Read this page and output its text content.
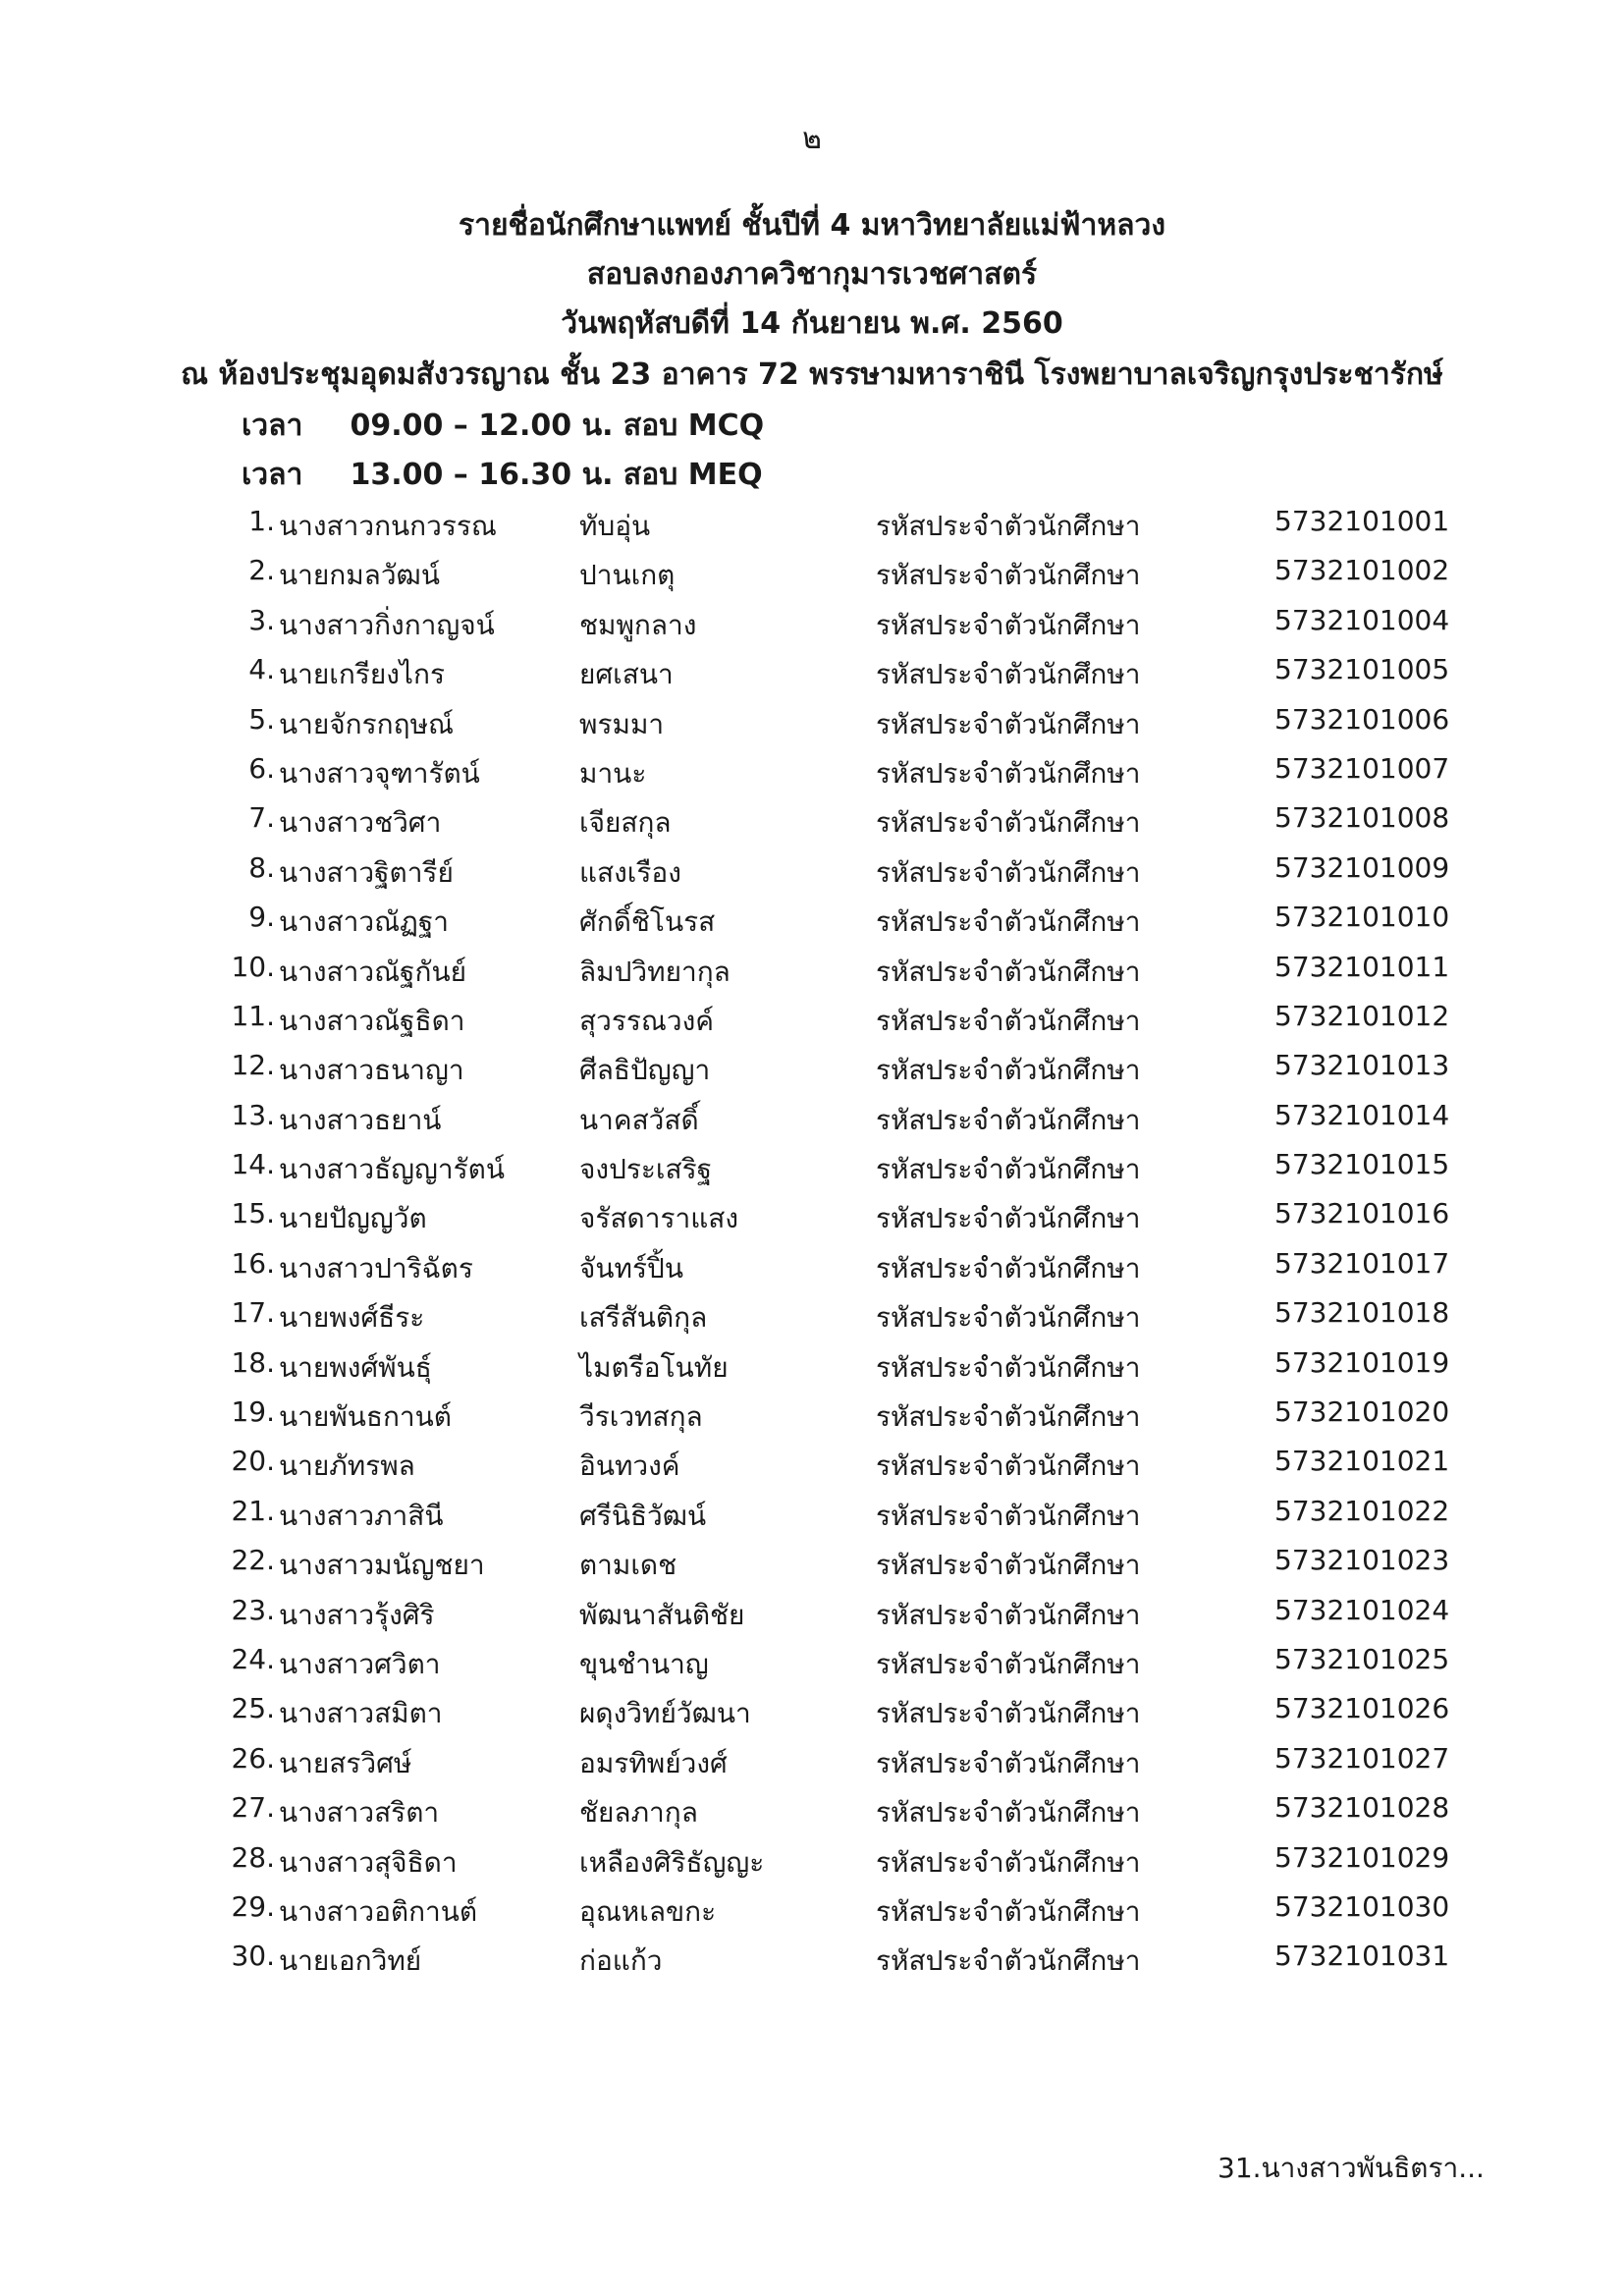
๒
รายชื่อนักศึกษาแพทย์ ชั้นปีที่ 4 มหาวิทยาลัยแม่ฟ้าหลวง
สอบลงกองภาควิชากุมารเวชศาสตร์
วันพฤหัสบดีที่ 14 กันยายน พ.ศ. 2560
ณ ห้องประชุมอุดมสังวรญาณ ชั้น 23 อาคาร 72 พรรษามหาราชินี โรงพยาบาลเจริญกรุงประชารักษ์
เวลา 09.00 – 12.00 น. สอบ MCQ
เวลา 13.00 – 16.30 น. สอบ MEQ
1. นางสาวกนกวรรณ	ทับอุ่น	รหัสประจำตัวนักศึกษา	5732101001
2. นายกมลวัฒน์	ปานเกตุ	รหัสประจำตัวนักศึกษา	5732101002
3. นางสาวกิ่งกาญจน์	ชมพูกลาง	รหัสประจำตัวนักศึกษา	5732101004
4. นายเกรียงไกร	ยศเสนา	รหัสประจำตัวนักศึกษา	5732101005
5. นายจักรกฤษณ์	พรมมา	รหัสประจำตัวนักศึกษา	5732101006
6. นางสาวจุฑารัตน์	มานะ	รหัสประจำตัวนักศึกษา	5732101007
7. นางสาวชวิศา	เจียสกุล	รหัสประจำตัวนักศึกษา	5732101008
8. นางสาวฐิตารีย์	แสงเรือง	รหัสประจำตัวนักศึกษา	5732101009
9. นางสาวณัฏฐา	ศักดิ์ชิโนรส	รหัสประจำตัวนักศึกษา	5732101010
10. นางสาวณัฐกันย์	ลิมปวิทยากุล	รหัสประจำตัวนักศึกษา	5732101011
11. นางสาวณัฐธิดา	สุวรรณวงค์	รหัสประจำตัวนักศึกษา	5732101012
12. นางสาวธนาญา	ศีลธิปัญญา	รหัสประจำตัวนักศึกษา	5732101013
13. นางสาวธยาน์	นาคสวัสดิ์	รหัสประจำตัวนักศึกษา	5732101014
14. นางสาวธัญญารัตน์	จงประเสริฐ	รหัสประจำตัวนักศึกษา	5732101015
15. นายปัญญวัต	จรัสดาราแสง	รหัสประจำตัวนักศึกษา	5732101016
16. นางสาวปาริฉัตร	จันทร์ปิ้น	รหัสประจำตัวนักศึกษา	5732101017
17. นายพงศ์ธีระ	เสรีสันติกุล	รหัสประจำตัวนักศึกษา	5732101018
18. นายพงศ์พันธุ์	ไมตรีอโนทัย	รหัสประจำตัวนักศึกษา	5732101019
19. นายพันธกานต์	วีรเวทสกุล	รหัสประจำตัวนักศึกษา	5732101020
20. นายภัทรพล	อินทวงค์	รหัสประจำตัวนักศึกษา	5732101021
21. นางสาวภาสินี	ศรีนิธิวัฒน์	รหัสประจำตัวนักศึกษา	5732101022
22. นางสาวมนัญชยา	ตามเดช	รหัสประจำตัวนักศึกษา	5732101023
23. นางสาวรุ้งศิริ	พัฒนาสันติชัย	รหัสประจำตัวนักศึกษา	5732101024
24. นางสาวศวิตา	ขุนชำนาญ	รหัสประจำตัวนักศึกษา	5732101025
25. นางสาวสมิตา	ผดุงวิทย์วัฒนา	รหัสประจำตัวนักศึกษา	5732101026
26. นายสรวิศษ์	อมรทิพย์วงศ์	รหัสประจำตัวนักศึกษา	5732101027
27. นางสาวสริตา	ชัยลภากุล	รหัสประจำตัวนักศึกษา	5732101028
28. นางสาวสุจิธิดา	เหลืองศิริธัญญะ	รหัสประจำตัวนักศึกษา	5732101029
29. นางสาวอติกานต์	อุณหเลขกะ	รหัสประจำตัวนักศึกษา	5732101030
30. นายเอกวิทย์	ก่อแก้ว	รหัสประจำตัวนักศึกษา	5732101031
31.นางสาวพันธิตรา...
